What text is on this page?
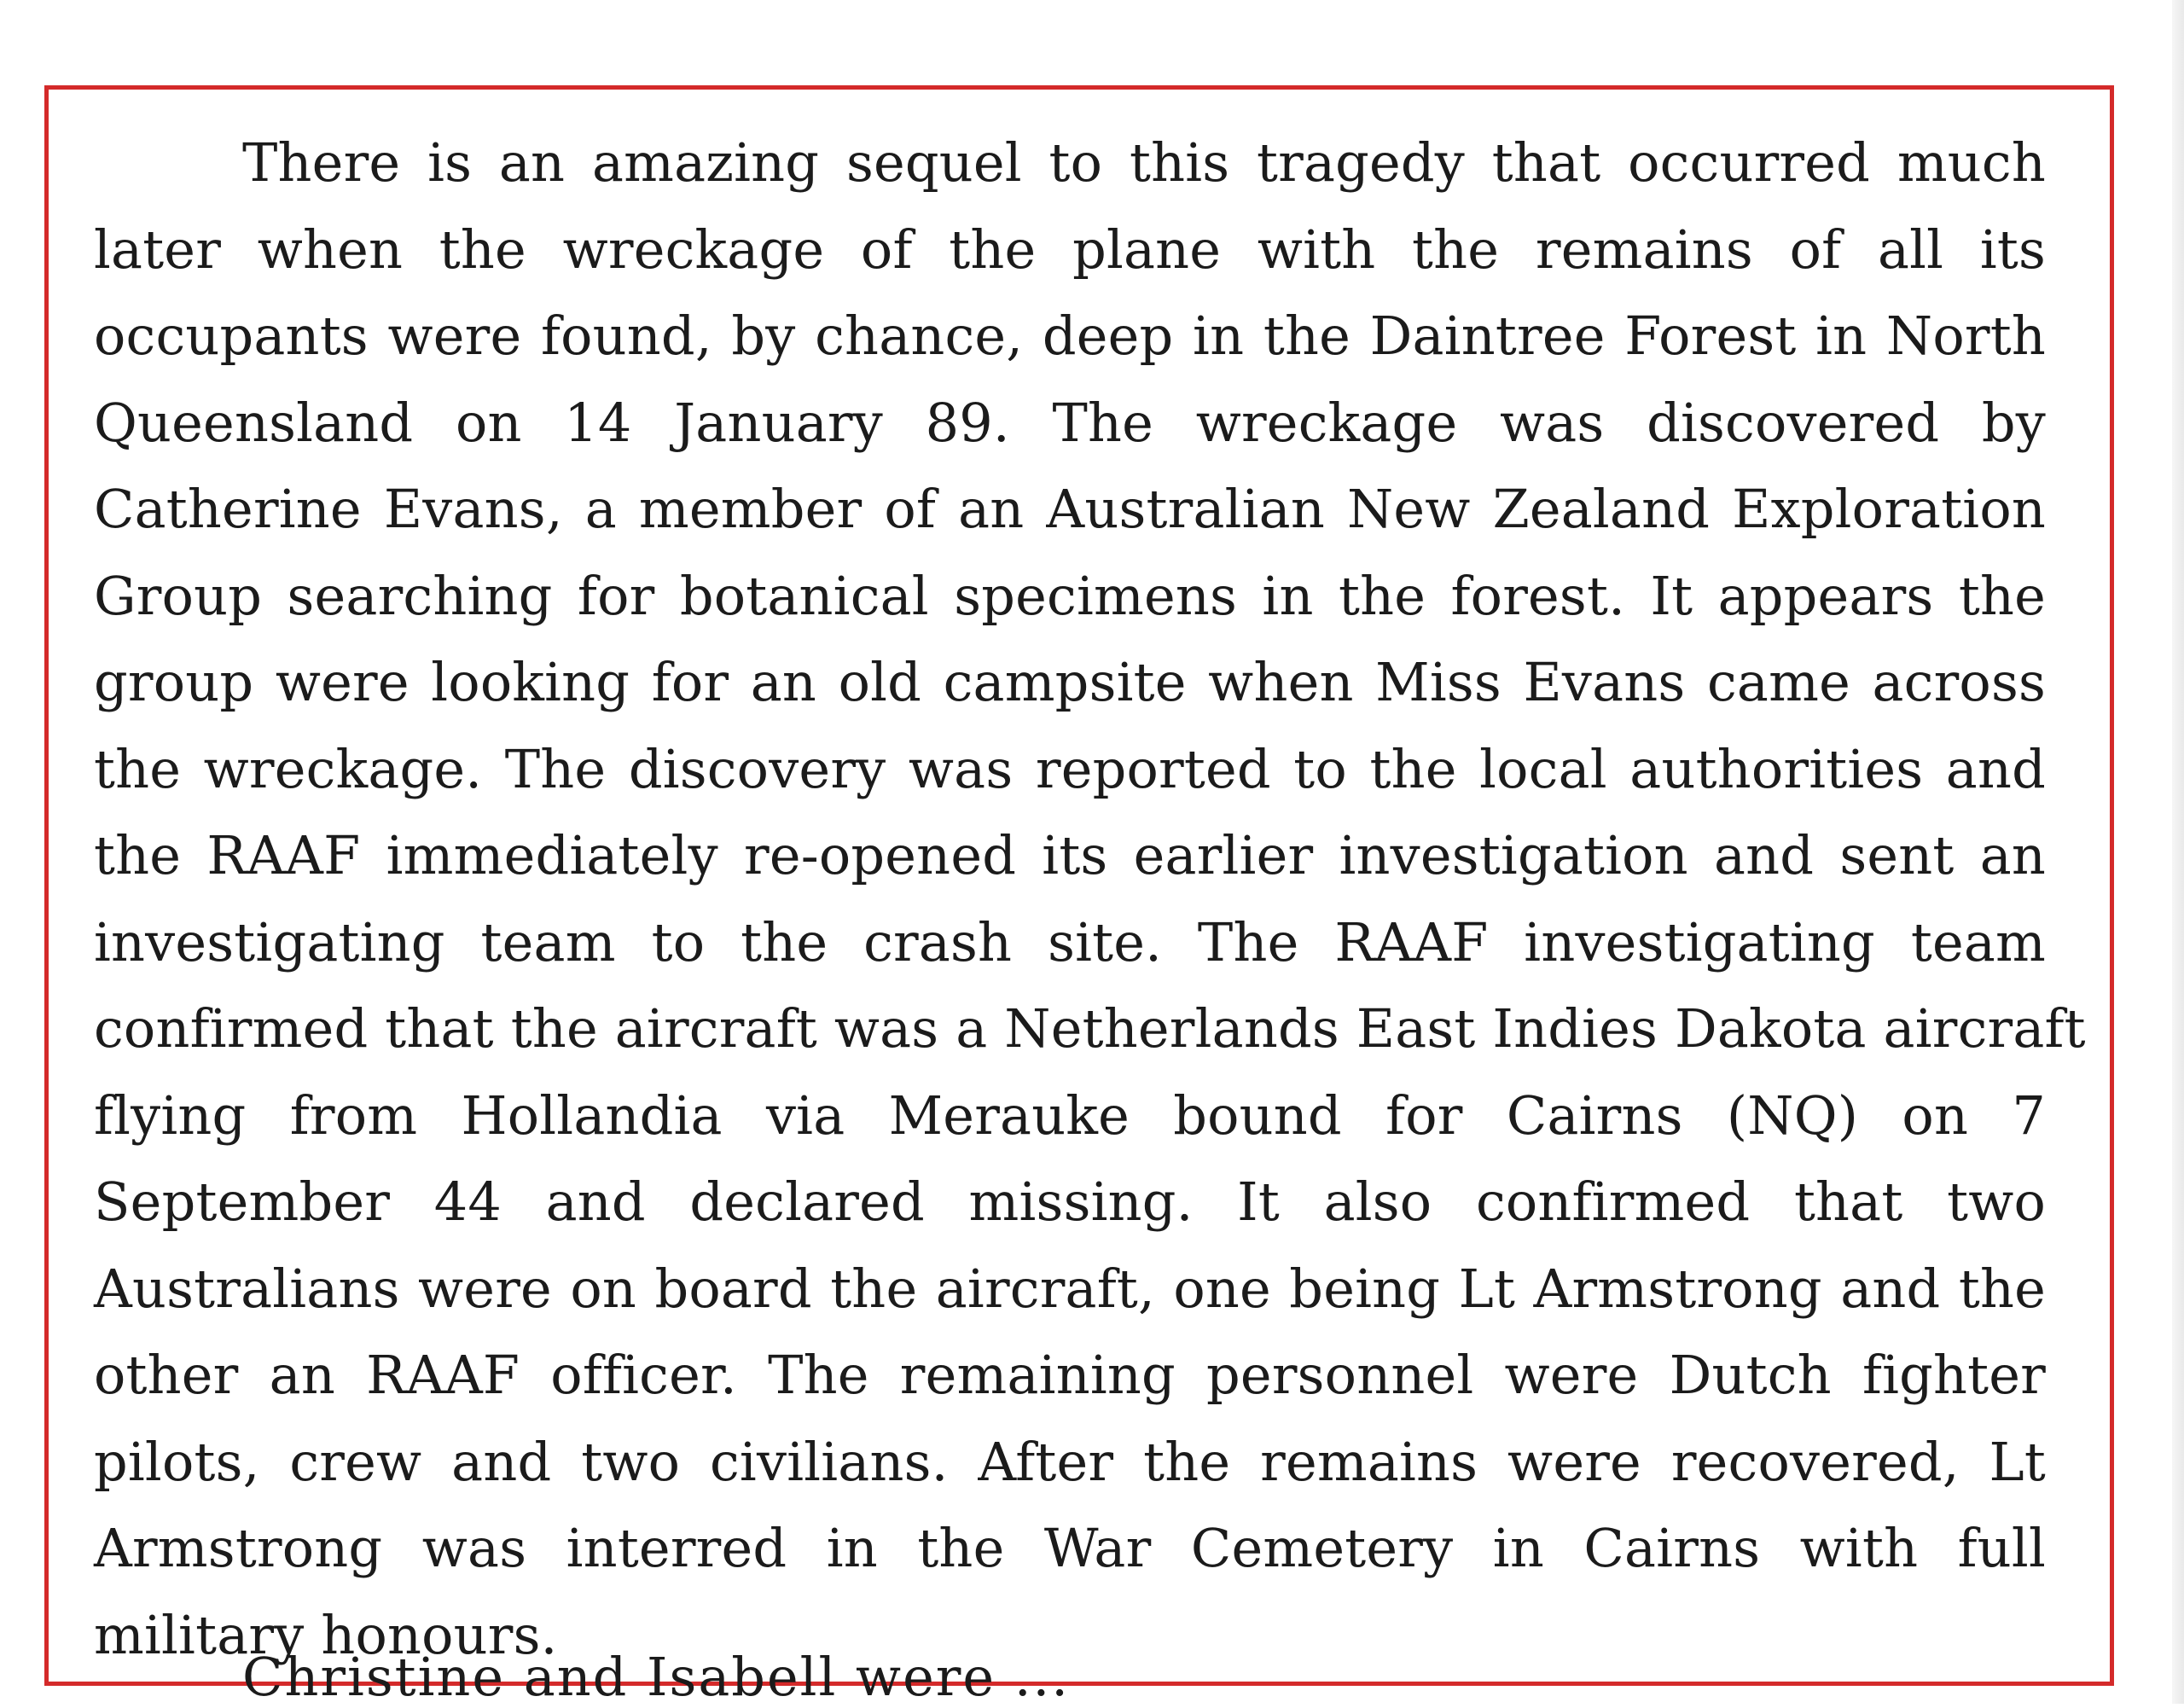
There is an amazing sequel to this tragedy that occurred much
later when the wreckage of the plane with the remains of all its
occupants were found, by chance, deep in the Daintree Forest in North
Queensland on 14 January 89. The wreckage was discovered by
Catherine Evans, a member of an Australian New Zealand Exploration
Group searching for botanical specimens in the forest. It appears the
group were looking for an old campsite when Miss Evans came across
the wreckage. The discovery was reported to the local authorities and
the RAAF immediately re-opened its earlier investigation and sent an
investigating team to the crash site. The RAAF investigating team
confirmed that the aircraft was a Netherlands East Indies Dakota aircraft
flying from Hollandia via Merauke bound for Cairns (NQ) on 7
September 44 and declared missing. It also confirmed that two
Australians were on board the aircraft, one being Lt Armstrong and the
other an RAAF officer. The remaining personnel were Dutch fighter
pilots, crew and two civilians. After the remains were recovered, Lt
Armstrong was interred in the War Cemetery in Cairns with full
military honours.
Christine and Isabell were ...
